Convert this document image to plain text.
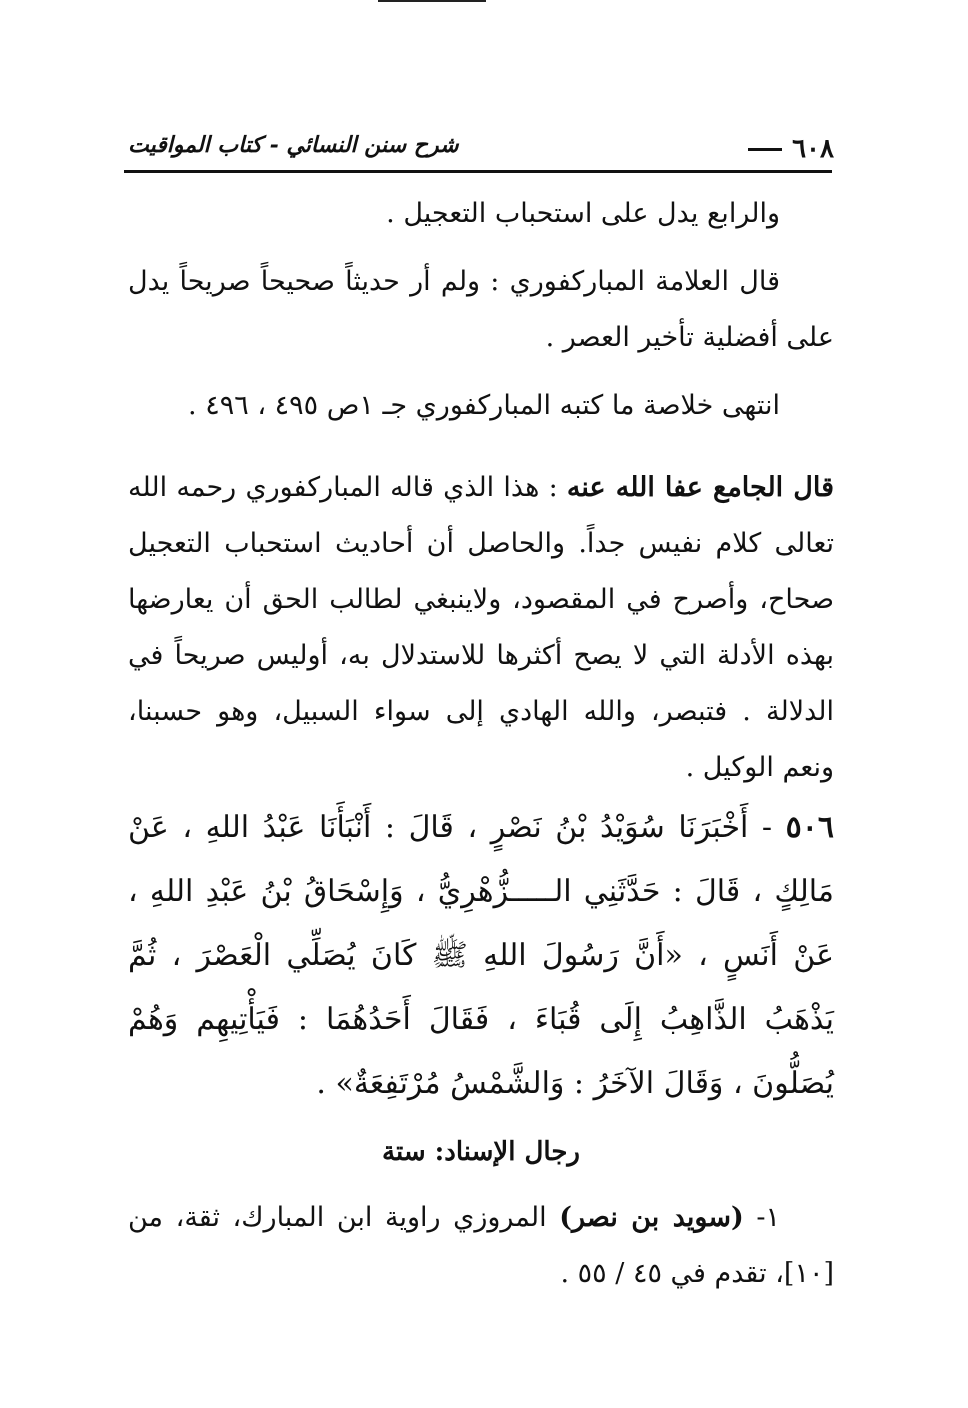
٦٠٨
شرح سنن النسائي - كتاب المواقيت

والرابع يدل على استحباب التعجيل .

قال العلامة المباركفوري : ولم أر حديثاً صحيحاً صريحاً يدل على أفضلية تأخير العصر .

انتهى خلاصة ما كتبه المباركفوري جـ ١ص ٤٩٥ ، ٤٩٦ .

قال الجامع عفا الله عنه : هذا الذي قاله المباركفوري رحمه الله تعالى كلام نفيس جداً. والحاصل أن أحاديث استحباب التعجيل صحاح، وأصرح في المقصود، ولاينبغي لطالب الحق أن يعارضها بهذه الأدلة التي لا يصح أكثرها للاستدلال به، أوليس صريحاً في الدلالة . فتبصر، والله الهادي إلى سواء السبيل، وهو حسبنا، ونعم الوكيل .

٥٠٦ - أَخْبَرَنَا سُوَيْدُ بْنُ نَصْرٍ ، قَالَ : أَنْبَأَنَا عَبْدُ اللهِ ، عَنْ مَالِكٍ ، قَالَ : حَدَّثَنِي الـــــزُّهْرِيُّ ، وَإِسْحَاقُ بْنُ عَبْدِ اللهِ ، عَنْ أَنَسٍ ، «أَنَّ رَسُولَ اللهِ ﷺ كَانَ يُصَلِّي الْعَصْرَ ، ثُمَّ يَذْهَبُ الذَّاهِبُ إِلَى قُبَاءَ ، فَقَالَ أَحَدُهُمَا : فَيَأْتِيهِم وَهُمْ يُصَلُّونَ ، وَقَالَ الآخَرُ : وَالشَّمْسُ مُرْتَفِعَةٌ» .

رجال الإسناد: ستة

١- (سويد بن نصر) المروزي راوية ابن المبارك، ثقة، من [١٠]، تقدم في ٤٥ / ٥٥ .
